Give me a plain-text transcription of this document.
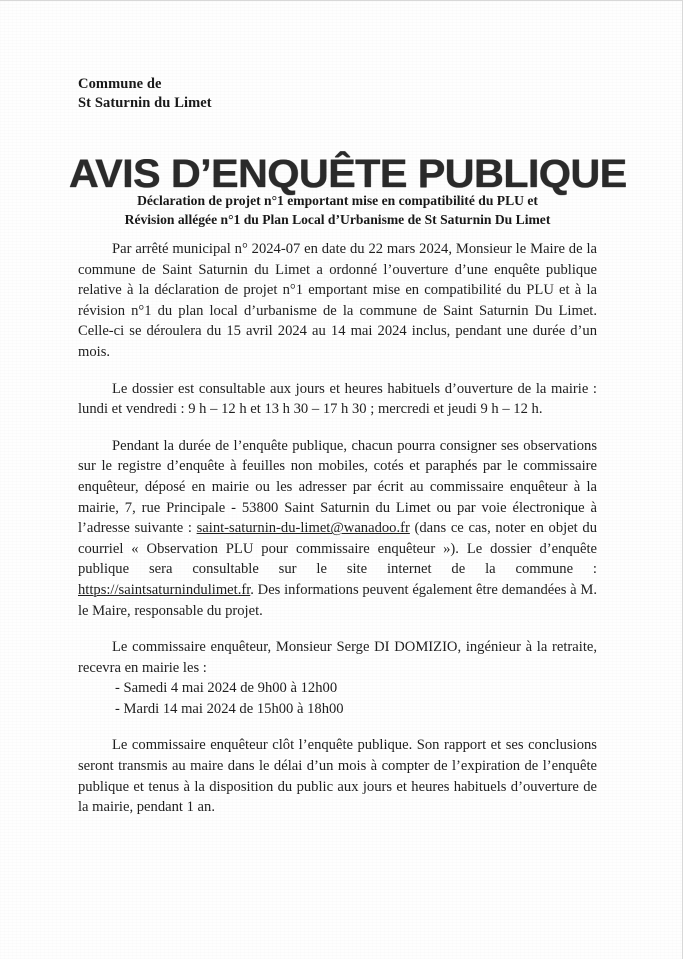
Commune de
St Saturnin du Limet
AVIS D’ENQUÊTE PUBLIQUE
Déclaration de projet n°1 emportant mise en compatibilité du PLU et
Révision allégée n°1 du Plan Local d’Urbanisme de St Saturnin Du Limet

Par arrêté municipal n° 2024-07 en date du 22 mars 2024, Monsieur le Maire de la commune de Saint Saturnin du Limet a ordonné l’ouverture d’une enquête publique relative à la déclaration de projet n°1 emportant mise en compatibilité du PLU et à la révision n°1 du plan local d’urbanisme de la commune de Saint Saturnin Du Limet. Celle-ci se déroulera du 15 avril 2024 au 14 mai 2024 inclus, pendant une durée d’un mois.

Le dossier est consultable aux jours et heures habituels d’ouverture de la mairie : lundi et vendredi : 9 h – 12 h et 13 h 30 – 17 h 30 ; mercredi et jeudi 9 h – 12 h.

Pendant la durée de l’enquête publique, chacun pourra consigner ses observations sur le registre d’enquête à feuilles non mobiles, cotés et paraphés par le commissaire enquêteur, déposé en mairie ou les adresser par écrit au commissaire enquêteur à la mairie, 7, rue Principale - 53800 Saint Saturnin du Limet ou par voie électronique à l’adresse suivante : saint-saturnin-du-limet@wanadoo.fr (dans ce cas, noter en objet du courriel « Observation PLU pour commissaire enquêteur »). Le dossier d’enquête publique sera consultable sur le site internet de la commune : https://saintsaturnindulimet.fr. Des informations peuvent également être demandées à M. le Maire, responsable du projet.

Le commissaire enquêteur, Monsieur Serge DI DOMIZIO, ingénieur à la retraite, recevra en mairie les :

- Samedi 4 mai 2024 de 9h00 à 12h00
- Mardi 14 mai 2024 de 15h00 à 18h00

Le commissaire enquêteur clôt l’enquête publique. Son rapport et ses conclusions seront transmis au maire dans le délai d’un mois à compter de l’expiration de l’enquête publique et tenus à la disposition du public aux jours et heures habituels d’ouverture de la mairie, pendant 1 an.
